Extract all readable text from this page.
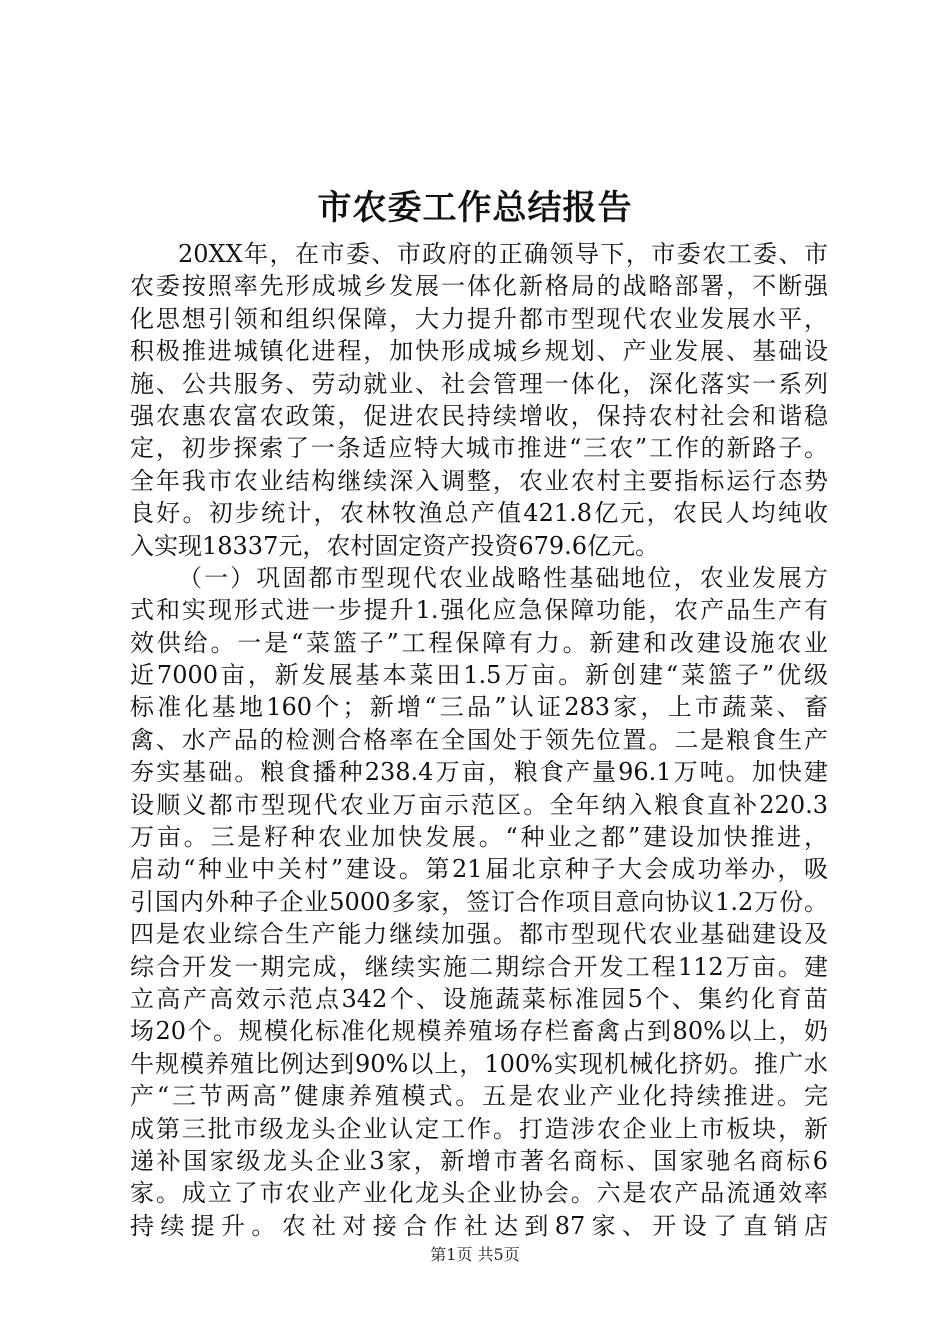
市农委工作总结报告
20XX年，在市委、市政府的正确领导下，市委农工委、市
农委按照率先形成城乡发展一体化新格局的战略部署，不断强
化思想引领和组织保障，大力提升都市型现代农业发展水平，
积极推进城镇化进程，加快形成城乡规划、产业发展、基础设
施、公共服务、劳动就业、社会管理一体化，深化落实一系列
强农惠农富农政策，促进农民持续增收，保持农村社会和谐稳
定，初步探索了一条适应特大城市推进“三农”工作的新路子。
全年我市农业结构继续深入调整，农业农村主要指标运行态势
良好。初步统计，农林牧渔总产值421.8亿元，农民人均纯收
入实现18337元，农村固定资产投资679.6亿元。
（一）巩固都市型现代农业战略性基础地位，农业发展方
式和实现形式进一步提升1.强化应急保障功能，农产品生产有
效供给。一是“菜篮子”工程保障有力。新建和改建设施农业
近7000亩，新发展基本菜田1.5万亩。新创建“菜篮子”优级
标准化基地160个；新增“三品”认证283家，上市蔬菜、畜
禽、水产品的检测合格率在全国处于领先位置。二是粮食生产
夯实基础。粮食播种238.4万亩，粮食产量96.1万吨。加快建
设顺义都市型现代农业万亩示范区。全年纳入粮食直补220.3
万亩。三是籽种农业加快发展。“种业之都”建设加快推进，
启动“种业中关村”建设。第21届北京种子大会成功举办，吸
引国内外种子企业5000多家，签订合作项目意向协议1.2万份。
四是农业综合生产能力继续加强。都市型现代农业基础建设及
综合开发一期完成，继续实施二期综合开发工程112万亩。建
立高产高效示范点342个、设施蔬菜标准园5个、集约化育苗
场20个。规模化标准化规模养殖场存栏畜禽占到80%以上，奶
牛规模养殖比例达到90%以上，100%实现机械化挤奶。推广水
产“三节两高”健康养殖模式。五是农业产业化持续推进。完
成第三批市级龙头企业认定工作。打造涉农企业上市板块，新
递补国家级龙头企业3家，新增市著名商标、国家驰名商标6
家。成立了市农业产业化龙头企业协会。六是农产品流通效率
持续提升。农社对接合作社达到87家、开设了直销店
第1页 共5页
